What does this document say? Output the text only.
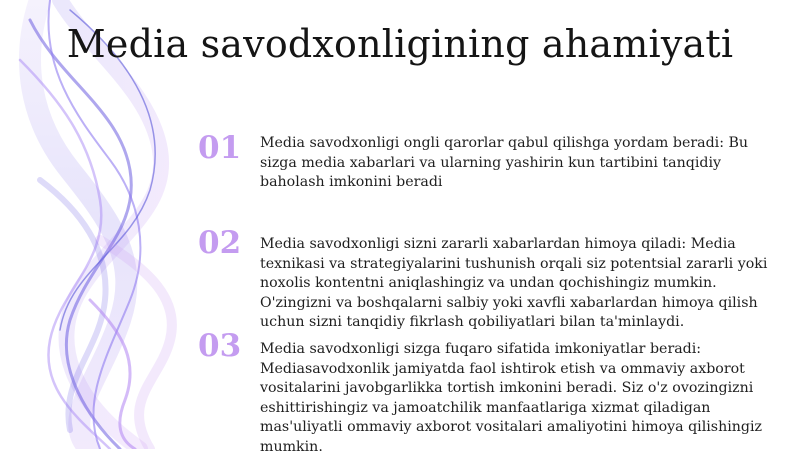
Media savodxonligining ahamiyati
01 Media savodxonligi ongli qarorlar qabul qilishga yordam beradi: Bu sizga media xabarlari va ularning yashirin kun tartibini tanqidiy baholash imkonini beradi
02 Media savodxonligi sizni zararli xabarlardan himoya qiladi: Media texnikasi va strategiyalarini tushunish orqali siz potentsial zararli yoki noxolis kontentni aniqlashingiz va undan qochishingiz mumkin. O'zingizni va boshqalarni salbiy yoki xavfli xabarlardan himoya qilish uchun sizni tanqidiy fikrlash qobiliyatlari bilan ta'minlaydi.
03 Media savodxonligi sizga fuqaro sifatida imkoniyatlar beradi: Mediasavodxonlik jamiyatda faol ishtirok etish va ommaviy axborot vositalarini javobgarlikka tortish imkonini beradi. Siz o'z ovozingizni eshittirishingiz va jamoatchilik manfaatlariga xizmat qiladigan mas'uliyatli ommaviy axborot vositalari amaliyotini himoya qilishingiz mumkin.
